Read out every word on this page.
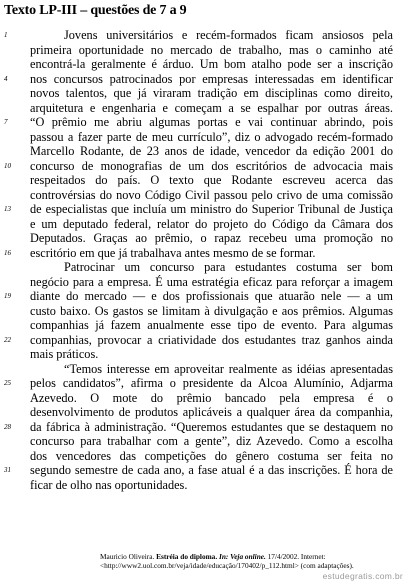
Texto LP-III – questões de 7 a 9
1	Jovens universitários e recém-formados ficam ansiosos pela
primeira oportunidade no mercado de trabalho, mas o caminho até
encontrá-la geralmente é árduo. Um bom atalho pode ser a inscrição
4 nos concursos patrocinados por empresas interessadas em identificar
novos talentos, que já viraram tradição em disciplinas como direito,
arquitetura e engenharia e começam a se espalhar por outras áreas.
7 “O prêmio me abriu algumas portas e vai continuar abrindo, pois
passou a fazer parte de meu currículo”, diz o advogado recém-formado
Marcello Rodante, de 23 anos de idade, vencedor da edição 2001 do
10 concurso de monografias de um dos escritórios de advocacia mais
respeitados do país. O texto que Rodante escreveu acerca das
controvérsias do novo Código Civil passou pelo crivo de uma comissão
13 de especialistas que incluía um ministro do Superior Tribunal de Justiça
e um deputado federal, relator do projeto do Código da Câmara dos
Deputados. Graças ao prêmio, o rapaz recebeu uma promoção no
16 escritório em que já trabalhava antes mesmo de se formar.
Patrocinar um concurso para estudantes costuma ser bom
negócio para a empresa. É uma estratégia eficaz para reforçar a imagem
19 diante do mercado — e dos profissionais que atuarão nele — a um
custo baixo. Os gastos se limitam à divulgação e aos prêmios. Algumas
companhias já fazem anualmente esse tipo de evento. Para algumas
22 companhias, provocar a criatividade dos estudantes traz ganhos ainda
mais práticos.
“Temos interesse em aproveitar realmente as idéias apresentadas
25 pelos candidatos”, afirma o presidente da Alcoa Alumínio, Adjarma
Azevedo. O mote do prêmio bancado pela empresa é o
desenvolvimento de produtos aplicáveis a qualquer área da companhia,
28 da fábrica à administração. “Queremos estudantes que se destaquem no
concurso para trabalhar com a gente”, diz Azevedo. Como a escolha
dos vencedores das competições do gênero costuma ser feita no
31 segundo semestre de cada ano, a fase atual é a das inscrições. É hora de
ficar de olho nas oportunidades.
Mauricio Oliveira. Estréia do diploma. In: Veja online. 17/4/2002. Internet:
<http://www2.uol.com.br/veja/idade/educação/170402/p_112.html> (com adaptações).
estudegratis.com.br
